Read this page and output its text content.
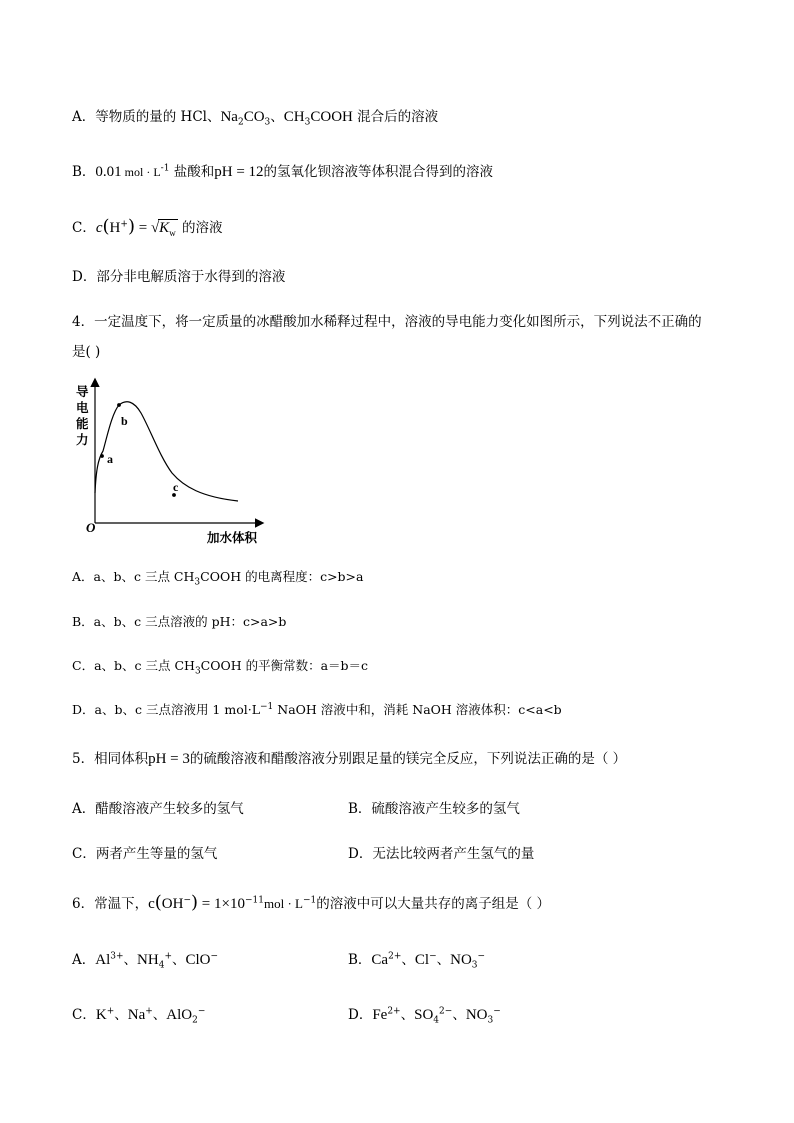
A．等物质的量的 HCl、$Na_2CO_3$、$CH_3COOH$ 混合后的溶液
B．0.01 mol · $L^{-1}$ 盐酸和pH = 12的氢氧化钡溶液等体积混合得到的溶液
C．$c(H^+) = √K_w$ 的溶液
D．部分非电解质溶于水得到的溶液
4．一定温度下，将一定质量的冰醋酸加水稀释过程中，溶液的导电能力变化如图所示，下列说法不正确的
是( )
导
电
能
力
a
b
c
O
加水体积
A．a、b、c 三点 $CH_3COOH$ 的电离程度：c>b>a
B．a、b、c 三点溶液的 pH：c>a>b
C．a、b、c 三点 $CH_3COOH$ 的平衡常数：a＝b＝c
D．a、b、c 三点溶液用 1 $mol\cdot L^{-1}$ NaOH 溶液中和，消耗 NaOH 溶液体积：c<a<b
5．相同体积pH = 3的硫酸溶液和醋酸溶液分别跟足量的镁完全反应，下列说法正确的是（ ）
A．醋酸溶液产生较多的氢气	B．硫酸溶液产生较多的氢气
C．两者产生等量的氢气	D．无法比较两者产生氢气的量
6．常温下，$c(OH^-) = 1\times 10^{-11}mol \cdot L^{-1}$的溶液中可以大量共存的离子组是（ ）
A．$Al^{3+}$、$NH_4^+$、ClO−	B．$Ca^{2+}$、Cl−、$NO_3^-$
C．K+、Na+、AlO$_2$−	D．$Fe^{2+}$、$SO_4^{2-}$、$NO_3^-$
